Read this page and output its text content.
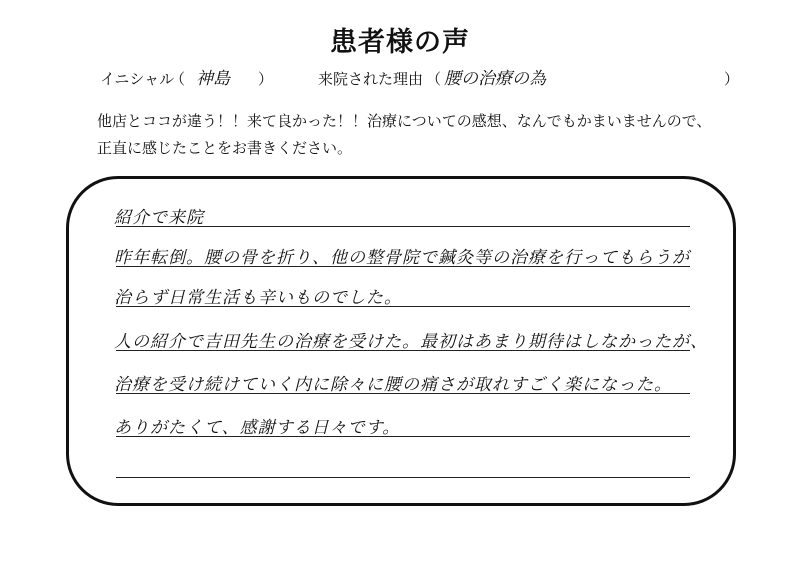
患者様の声
イニシャル
（ 神島 ）	来院された理由 （ 腰の治療の為	）
他店とココが違う！！来て良かった！！治療についての感想、なんでもかまいませんので、
正直に感じたことをお書きください。
紹介で来院
昨年転倒。腰の骨を折り、他の整骨院で鍼灸等の治療を行ってもらうが
治らず日常生活も辛いものでした。
人の紹介で吉田先生の治療を受けた。最初はあまり期待はしなかったが、
治療を受け続けていく内に除々に腰の痛さが取れすごく楽になった。
ありがたくて、感謝する日々です。
